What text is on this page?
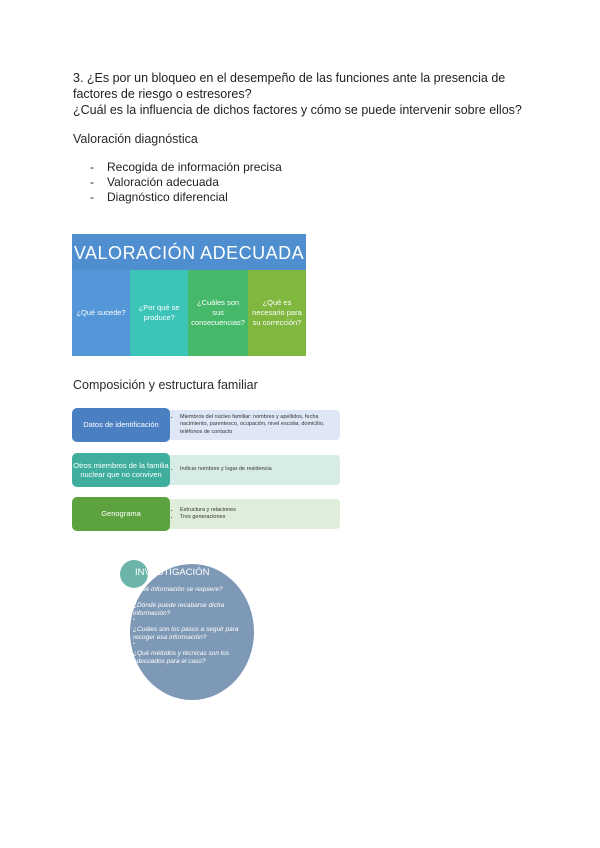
3. ¿Es por un bloqueo en el desempeño de las funciones ante la presencia de factores de riesgo o estresores?

¿Cuál es la influencia de dichos factores y cómo se puede intervenir sobre ellos?

Valoración diagnóstica
- Recogida de información precisa
- Valoración adecuada
- Diagnóstico diferencial
VALORACIÓN ADECUADA
¿Qué sucede?
¿Por qué se produce?
¿Cuáles son sus consecuencias?
¿Qué es necesario para su corrección?
Composición y estructura familiar
Datos de identificación
• Miembros del núcleo familiar: nombres y apellidos, fecha nacimiento, parentesco, ocupación, nivel escolar, domicilio, teléfonos de contacto
Otros miembros de la familia nuclear que no conviven
• Indicar nombres y lugar de residencia
Genograma
•	Estructura y relaciones
• Tres generaciones
INVESTIGACIÓN
¿Qué información se requiere? •
¿Dónde puede recabarse dicha información? •
¿Cuáles son los pasos a seguir para recoger esa información? •
¿Qué métodos y técnicas son los adecuados para el caso? •
